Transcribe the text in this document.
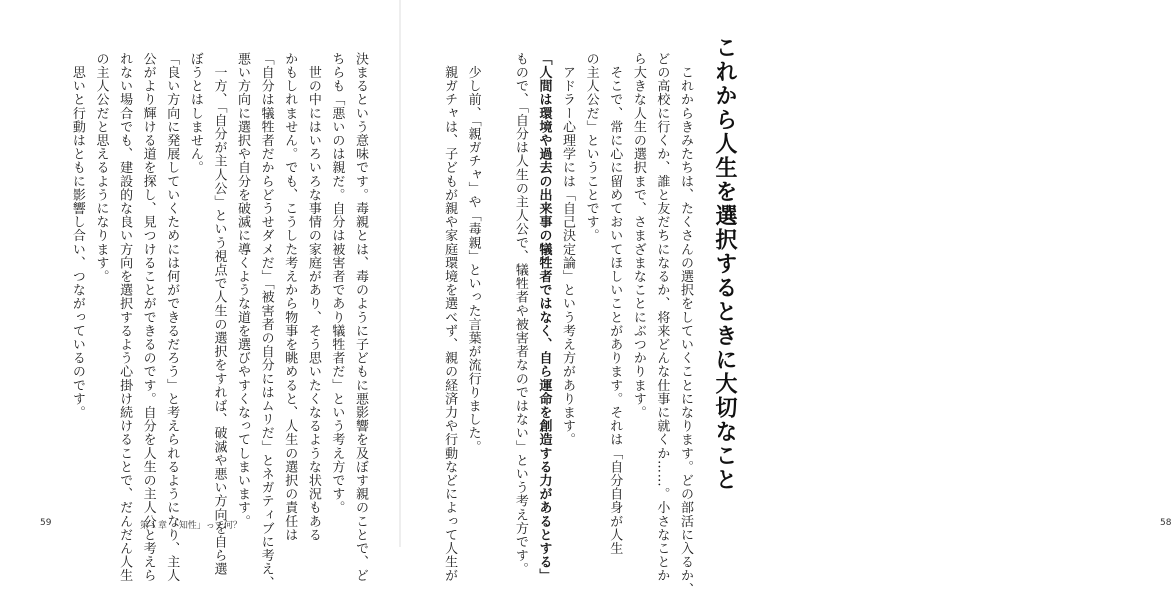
決まるという意味です。毒親とは、毒のように子どもに悪影響を及ぼす親のことで、ど
ちらも「悪いのは親だ。自分は被害者であり犠牲者だ」という考え方です。
　世の中にはいろいろな事情の家庭があり、そう思いたくなるような状況もある
かもしれません。でも、こうした考えから物事を眺めると、人生の選択の責任は
「自分は犠牲者だからどうせダメだ」「被害者の自分にはムリだ」とネガティブに考え、
悪い方向に選択や自分を破滅に導くような道を選びやすくなってしまいます。
　一方、「自分が主人公」という視点で人生の選択をすれば、破滅や悪い方向を自ら選
ぼうとはしません。
「良い方向に発展していくためには何ができるだろう」と考えられるようになり、主人
公がより輝ける道を探し、見つけることができるのです。自分を人生の主人公と考えら
れない場合でも、建設的な良い方向を選択するよう心掛け続けることで、だんだん人生
の主人公だと思えるようになります。
　思いと行動はともに影響し合い、つながっているのです。
59	第１章 「知性」って何？	　これからきみたちは、たくさんの選択をしていくことになります。どの部活に入るか、
どの高校に行くか、誰と友だちになるか、将来どんな仕事に就くか……。小さなことか
ら大きな人生の選択まで、さまざまなことにぶつかります。
　そこで、常に心に留めておいてほしいことがあります。それは「自分自身が人生
の主人公だ」ということです。
　アドラー心理学には「自己決定論」という考え方があります。
「人間は環境や過去の出来事の犠牲者ではなく、自ら運命を創造する力があるとする」
もので、「自分は人生の主人公で、犠牲者や被害者なのではない」という考え方です。
　少し前、「親ガチャ」や「毒親」といった言葉が流行りました。
　親ガチャは、子どもが親や家庭環境を選べず、親の経済力や行動などによって人生が	これから人生を選択するときに大切なこと
58
